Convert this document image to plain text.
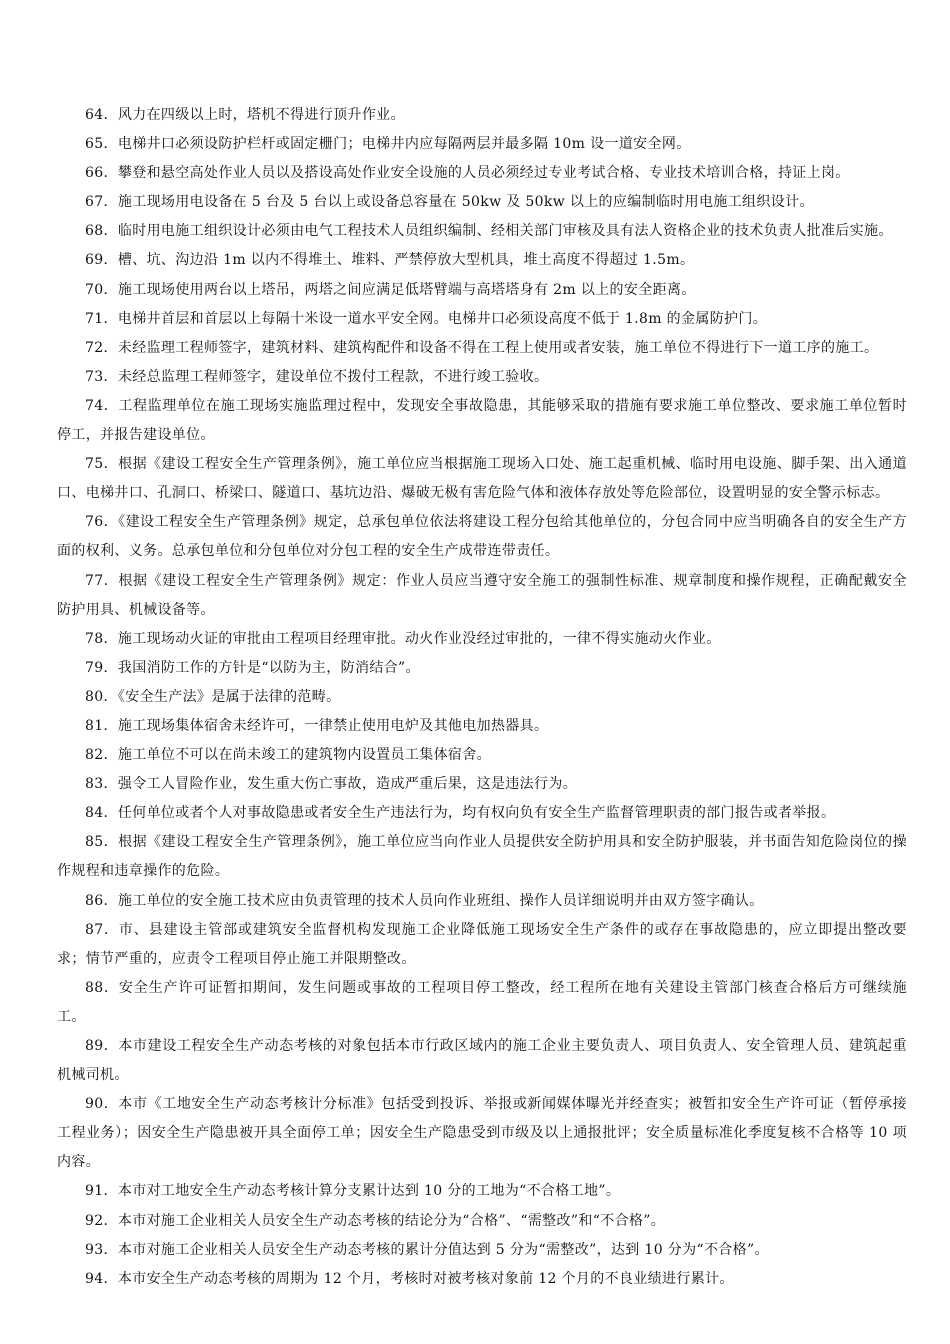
64．风力在四级以上时，塔机不得进行顶升作业。

65．电梯井口必须设防护栏杆或固定栅门；电梯井内应每隔两层并最多隔 10m 设一道安全网。

66．攀登和悬空高处作业人员以及搭设高处作业安全设施的人员必须经过专业考试合格、专业技术培训合格，持证上岗。

67．施工现场用电设备在 5 台及 5 台以上或设备总容量在 50kw 及 50kw 以上的应编制临时用电施工组织设计。

68．临时用电施工组织设计必须由电气工程技术人员组织编制、经相关部门审核及具有法人资格企业的技术负责人批准后实施。

69．槽、坑、沟边沿 1m 以内不得堆土、堆料、严禁停放大型机具，堆土高度不得超过 1.5m。

70．施工现场使用两台以上塔吊，两塔之间应满足低塔臂端与高塔塔身有 2m 以上的安全距离。

71．电梯井首层和首层以上每隔十米设一道水平安全网。电梯井口必须设高度不低于 1.8m 的金属防护门。

72．未经监理工程师签字，建筑材料、建筑构配件和设备不得在工程上使用或者安装，施工单位不得进行下一道工序的施工。

73．未经总监理工程师签字，建设单位不拨付工程款，不进行竣工验收。

74．工程监理单位在施工现场实施监理过程中，发现安全事故隐患，其能够采取的措施有要求施工单位整改、要求施工单位暂时停工，并报告建设单位。

75．根据《建设工程安全生产管理条例》，施工单位应当根据施工现场入口处、施工起重机械、临时用电设施、脚手架、出入通道口、电梯井口、孔洞口、桥梁口、隧道口、基坑边沿、爆破无极有害危险气体和液体存放处等危险部位，设置明显的安全警示标志。

76．《建设工程安全生产管理条例》规定，总承包单位依法将建设工程分包给其他单位的，分包合同中应当明确各自的安全生产方面的权利、义务。总承包单位和分包单位对分包工程的安全生产成带连带责任。

77．根据《建设工程安全生产管理条例》规定：作业人员应当遵守安全施工的强制性标准、规章制度和操作规程，正确配戴安全防护用具、机械设备等。

78．施工现场动火证的审批由工程项目经理审批。动火作业没经过审批的，一律不得实施动火作业。

79．我国消防工作的方针是“以防为主，防消结合”。

80．《安全生产法》是属于法律的范畴。

81．施工现场集体宿舍未经许可，一律禁止使用电炉及其他电加热器具。

82．施工单位不可以在尚未竣工的建筑物内设置员工集体宿舍。

83．强令工人冒险作业，发生重大伤亡事故，造成严重后果，这是违法行为。

84．任何单位或者个人对事故隐患或者安全生产违法行为，均有权向负有安全生产监督管理职责的部门报告或者举报。

85．根据《建设工程安全生产管理条例》，施工单位应当向作业人员提供安全防护用具和安全防护服装，并书面告知危险岗位的操作规程和违章操作的危险。

86．施工单位的安全施工技术应由负责管理的技术人员向作业班组、操作人员详细说明并由双方签字确认。

87．市、县建设主管部或建筑安全监督机构发现施工企业降低施工现场安全生产条件的或存在事故隐患的，应立即提出整改要求；情节严重的，应责令工程项目停止施工并限期整改。

88．安全生产许可证暂扣期间，发生问题或事故的工程项目停工整改，经工程所在地有关建设主管部门核查合格后方可继续施工。

89．本市建设工程安全生产动态考核的对象包括本市行政区域内的施工企业主要负责人、项目负责人、安全管理人员、建筑起重机械司机。

90．本市《工地安全生产动态考核计分标准》包括受到投诉、举报或新闻媒体曝光并经查实；被暂扣安全生产许可证（暂停承接工程业务）；因安全生产隐患被开具全面停工单；因安全生产隐患受到市级及以上通报批评；安全质量标准化季度复核不合格等 10 项内容。

91．本市对工地安全生产动态考核计算分支累计达到 10 分的工地为“不合格工地”。

92．本市对施工企业相关人员安全生产动态考核的结论分为“合格”、“需整改”和“不合格”。

93．本市对施工企业相关人员安全生产动态考核的累计分值达到 5 分为“需整改”，达到 10 分为“不合格”。

94．本市安全生产动态考核的周期为 12 个月，考核时对被考核对象前 12 个月的不良业绩进行累计。
